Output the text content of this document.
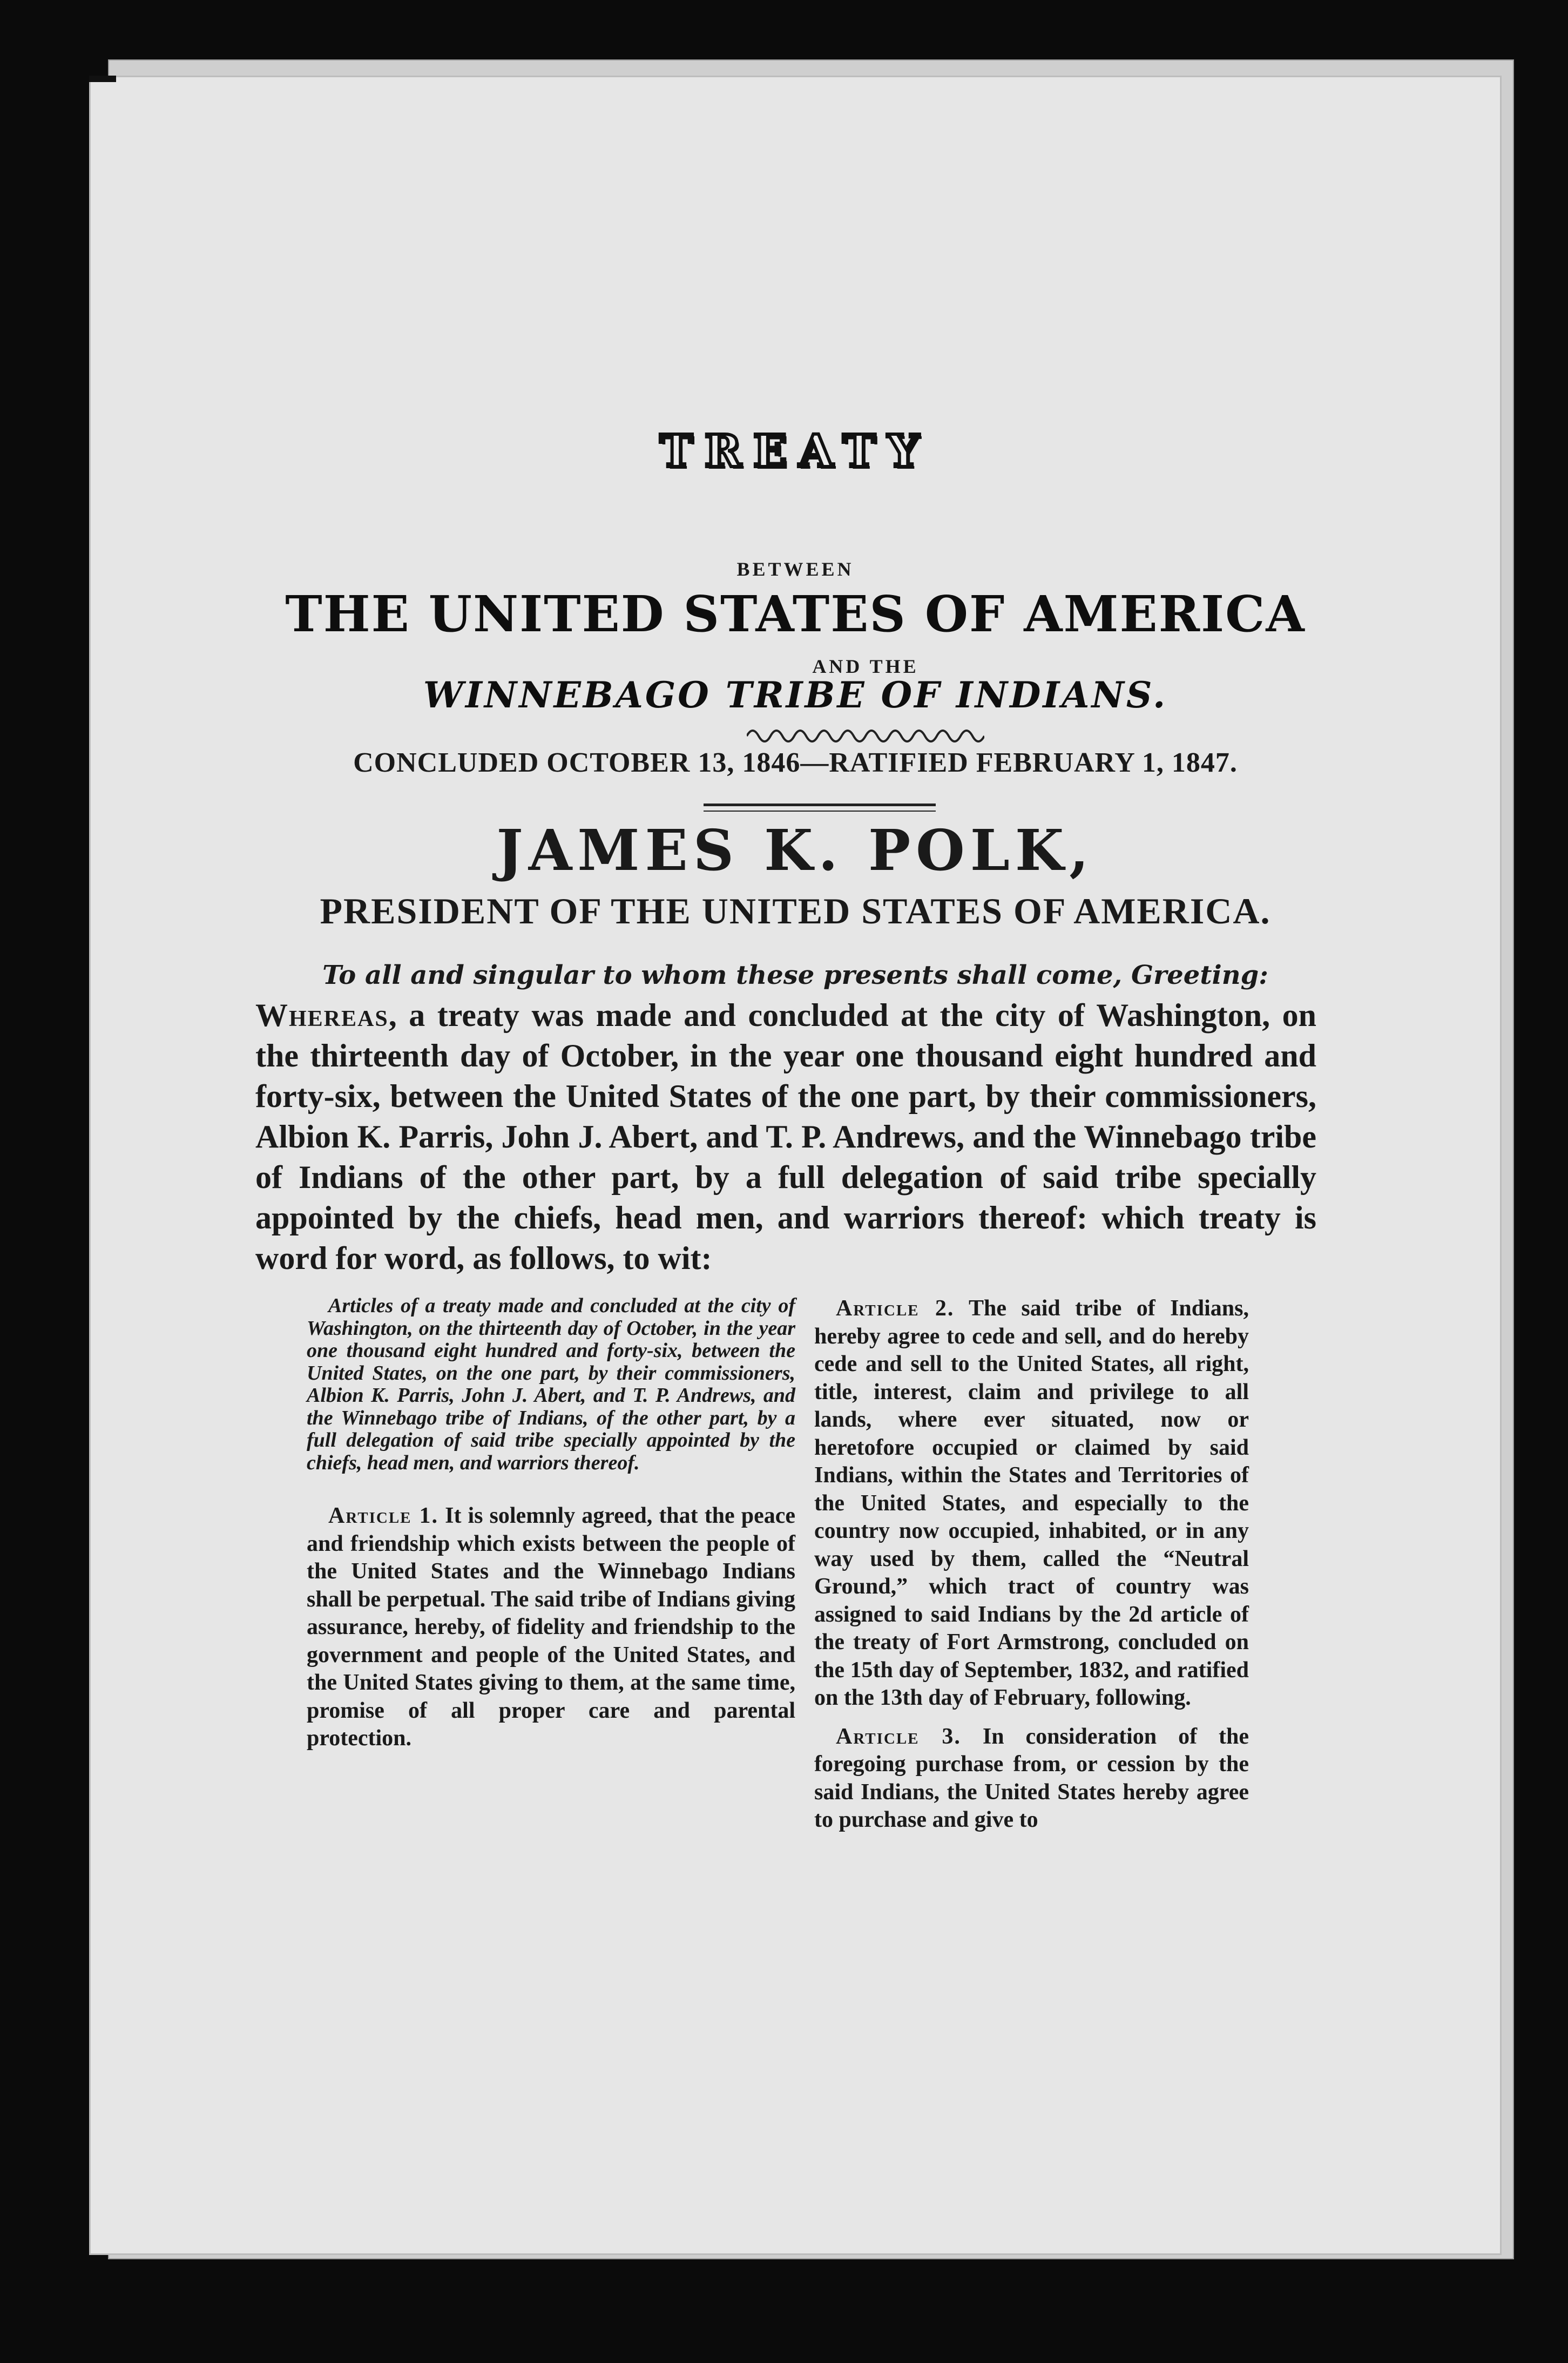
TREATY
BETWEEN
THE UNITED STATES OF AMERICA
AND THE
WINNEBAGO TRIBE OF INDIANS.
CONCLUDED OCTOBER 13, 1846—RATIFIED FEBRUARY 1, 1847.
JAMES K. POLK,
PRESIDENT OF THE UNITED STATES OF AMERICA.
To all and singular to whom these presents shall come, Greeting:
Whereas, a treaty was made and concluded at the city of Washington, on the thirteenth day of October, in the year one thousand eight hundred and forty-six, between the United States of the one part, by their commissioners, Albion K. Parris, John J. Abert, and T. P. Andrews, and the Winnebago tribe of Indians of the other part, by a full delegation of said tribe specially appointed by the chiefs, head men, and warriors thereof: which treaty is word for word, as follows, to wit:

Articles of a treaty made and concluded at the city of Washington, on the thirteenth day of October, in the year one thousand eight hundred and forty-six, between the United States, on the one part, by their commissioners, Albion K. Parris, John J. Abert, and T. P. Andrews, and the Winnebago tribe of Indians, of the other part, by a full delegation of said tribe specially appointed by the chiefs, head men, and warriors thereof.

Article 1. It is solemnly agreed, that the peace and friendship which exists between the people of the United States and the Winnebago Indians shall be perpetual. The said tribe of Indians giving assurance, hereby, of fidelity and friendship to the government and people of the United States, and the United States giving to them, at the same time, promise of all proper care and parental protection.

Article 2. The said tribe of Indians, hereby agree to cede and sell, and do hereby cede and sell to the United States, all right, title, interest, claim and privilege to all lands, where ever situated, now or heretofore occupied or claimed by said Indians, within the States and Territories of the United States, and especially to the country now occupied, inhabited, or in any way used by them, called the “Neutral Ground,” which tract of country was assigned to said Indians by the 2d article of the treaty of Fort Armstrong, concluded on the 15th day of September, 1832, and ratified on the 13th day of February, following.

Article 3. In consideration of the foregoing purchase from, or cession by the said Indians, the United States hereby agree to purchase and give to
